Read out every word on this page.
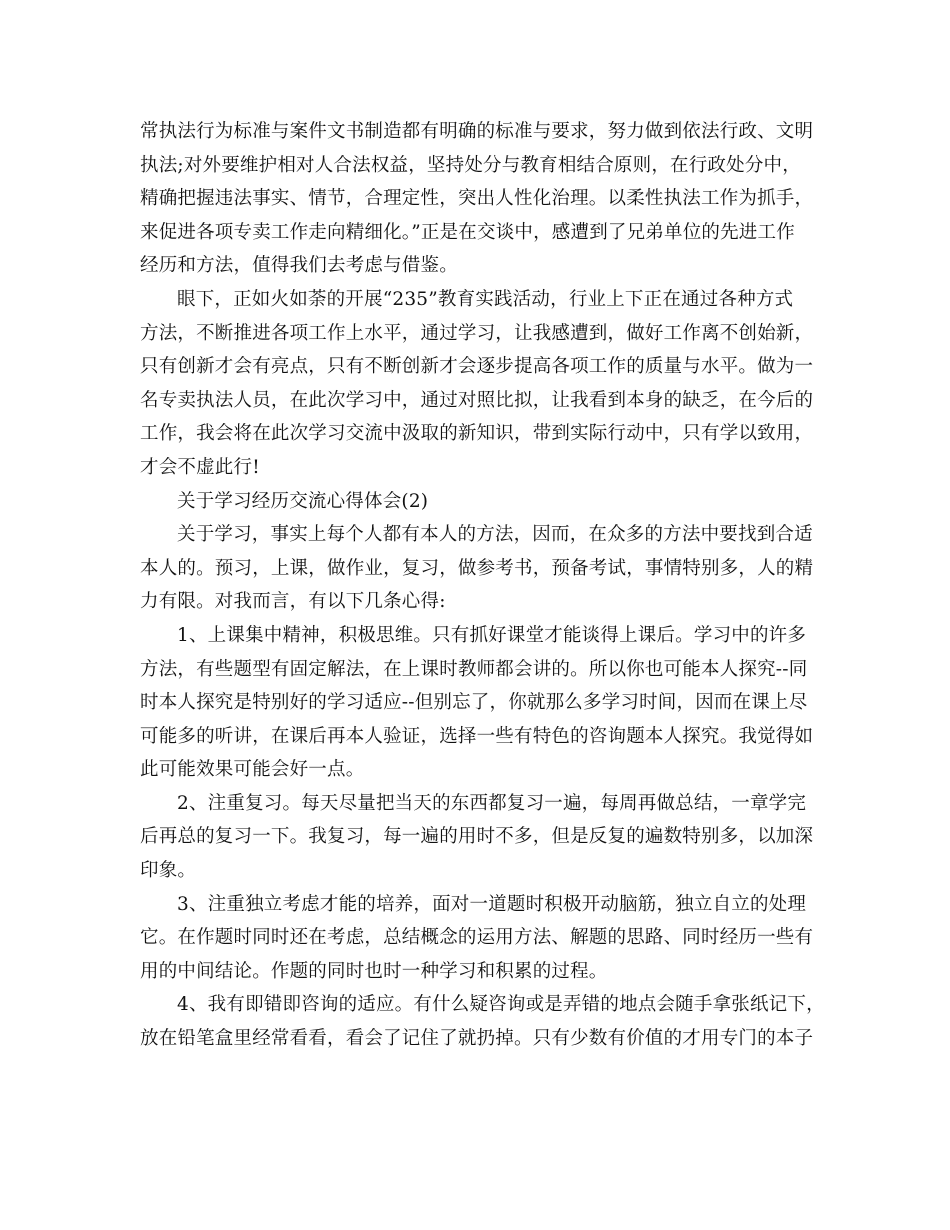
常执法行为标准与案件文书制造都有明确的标准与要求，努力做到依法行政、文明
执法;对外要维护相对人合法权益，坚持处分与教育相结合原则，在行政处分中，
精确把握违法事实、情节，合理定性，突出人性化治理。以柔性执法工作为抓手，
来促进各项专卖工作走向精细化。”正是在交谈中，感遭到了兄弟单位的先进工作
经历和方法，值得我们去考虑与借鉴。
眼下，正如火如荼的开展“235”教育实践活动，行业上下正在通过各种方式
方法，不断推进各项工作上水平，通过学习，让我感遭到，做好工作离不创始新，
只有创新才会有亮点，只有不断创新才会逐步提高各项工作的质量与水平。做为一
名专卖执法人员，在此次学习中，通过对照比拟，让我看到本身的缺乏，在今后的
工作，我会将在此次学习交流中汲取的新知识，带到实际行动中，只有学以致用，
才会不虚此行!
关于学习经历交流心得体会(2)
关于学习，事实上每个人都有本人的方法，因而，在众多的方法中要找到合适
本人的。预习，上课，做作业，复习，做参考书，预备考试，事情特别多，人的精
力有限。对我而言，有以下几条心得:
1、上课集中精神，积极思维。只有抓好课堂才能谈得上课后。学习中的许多
方法，有些题型有固定解法，在上课时教师都会讲的。所以你也可能本人探究--同
时本人探究是特别好的学习适应--但别忘了，你就那么多学习时间，因而在课上尽
可能多的听讲，在课后再本人验证，选择一些有特色的咨询题本人探究。我觉得如
此可能效果可能会好一点。
2、注重复习。每天尽量把当天的东西都复习一遍，每周再做总结，一章学完
后再总的复习一下。我复习，每一遍的用时不多，但是反复的遍数特别多，以加深
印象。
3、注重独立考虑才能的培养，面对一道题时积极开动脑筋，独立自立的处理
它。在作题时同时还在考虑，总结概念的运用方法、解题的思路、同时经历一些有
用的中间结论。作题的同时也时一种学习和积累的过程。
4、我有即错即咨询的适应。有什么疑咨询或是弄错的地点会随手拿张纸记下，
放在铅笔盒里经常看看，看会了记住了就扔掉。只有少数有价值的才用专门的本子
